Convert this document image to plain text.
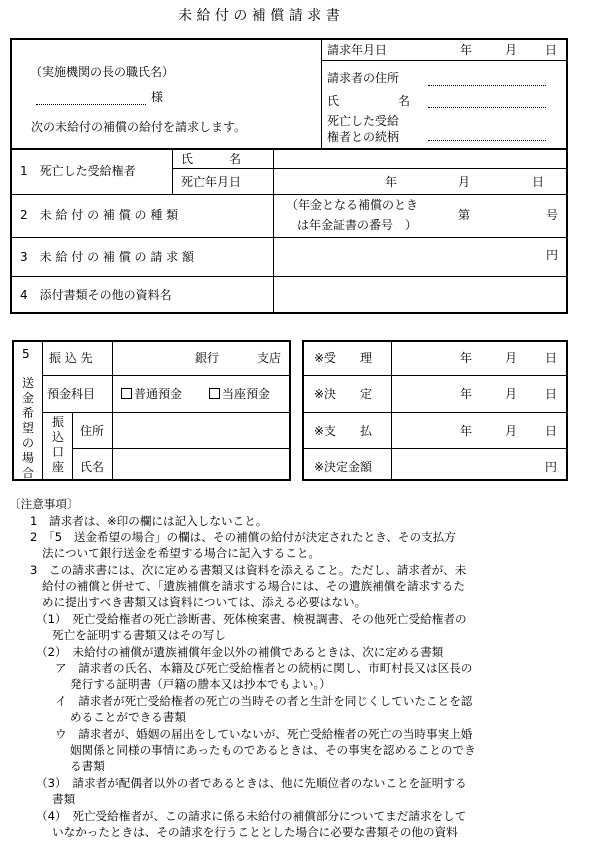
未 給 付 の 補 償 請 求 書
（実施機関の長の職氏名）
様
次の未給付の補償の給付を請求します。
請求年月日	年	月 日
請求者の住所
氏	名
死亡した受給
権者との続柄
1　死亡した受給権者
氏　　　名
死亡年月日	年	月	日
2　未 給 付 の 補 償 の 種 類
（年金となる補償のとき
は年金証書の番号　）
第	号
3　未 給 付 の 補 償 の 請 求 額	円
4　添付書類その他の資料名
5
送
金
希
望
の
場
合
振 込 先	銀行	支店
預金科目	普通預金	当座預金
振
込
口
座
住所
氏名
※受　　理	年	月 日
※決　　定	年	月 日
※支　　払	年	月 日
※決定金額	円
〔注意事項〕
1　請求者は、※印の欄には記入しないこと。
2　「5　送金希望の場合」の欄は、その補償の給付が決定されたとき、その支払方
法について銀行送金を希望する場合に記入すること。
3　この請求書には、次に定める書類又は資料を添えること。ただし、請求者が、未
給付の補償と併せて、「遺族補償を請求する場合には、その遺族補償を請求するた
めに提出すべき書類又は資料については、添える必要はない。
（1）　死亡受給権者の死亡診断書、死体検案書、検視調書、その他死亡受給権者の
死亡を証明する書類又はその写し
（2）　未給付の補償が遺族補償年金以外の補償であるときは、次に定める書類
ア　請求者の氏名、本籍及び死亡受給権者との続柄に関し、市町村長又は区長の
発行する証明書（戸籍の謄本又は抄本でもよい。）
イ　請求者が死亡受給権者の死亡の当時その者と生計を同じくしていたことを認
めることができる書類
ウ　請求者が、婚姻の届出をしていないが、死亡受給権者の死亡の当時事実上婚
姻関係と同様の事情にあったものであるときは、その事実を認めることのでき
る書類
（3）　請求者が配偶者以外の者であるときは、他に先順位者のないことを証明する
書類
（4）　死亡受給権者が、この請求に係る未給付の補償部分についてまだ請求をして
いなかったときは、その請求を行うこととした場合に必要な書類その他の資料
